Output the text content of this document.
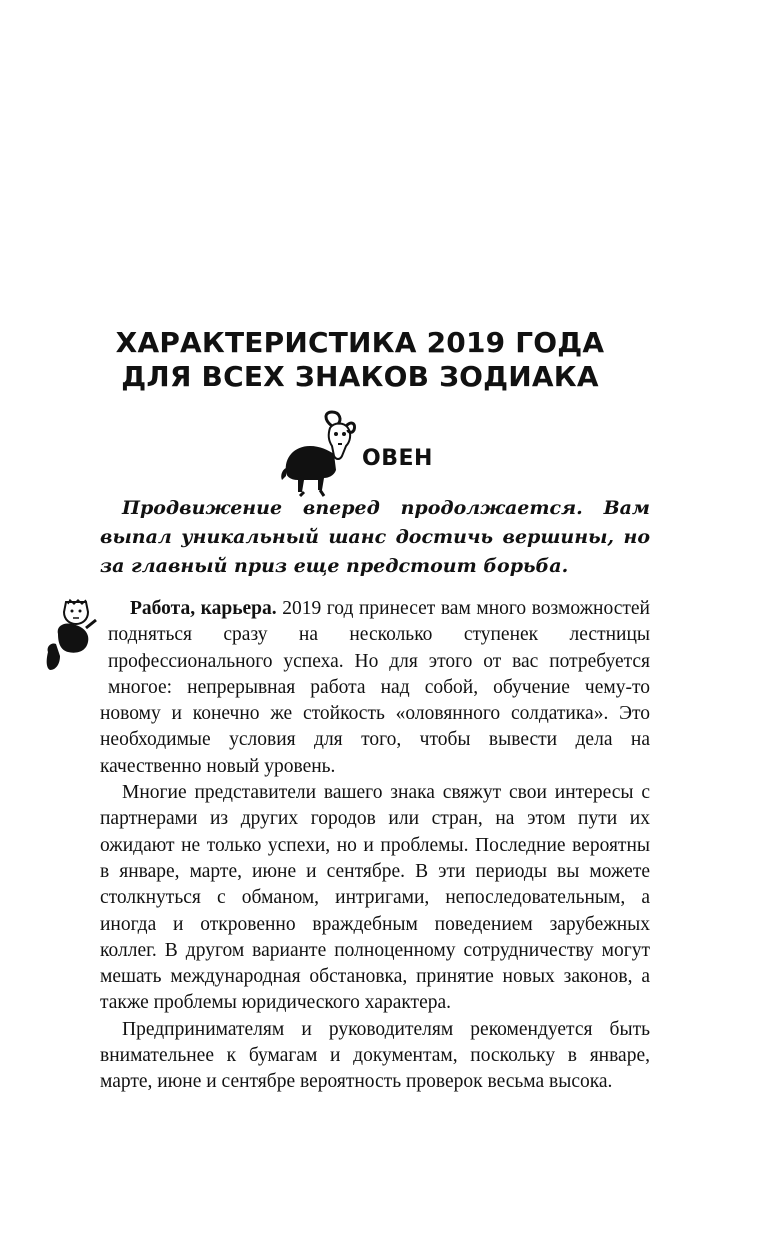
ХАРАКТЕРИСТИКА 2019 ГОДА
ДЛЯ ВСЕХ ЗНАКОВ ЗОДИАКА
ОВЕН
Продвижение вперед продолжается. Вам выпал уникальный шанс достичь вершины, но за главный приз еще предстоит борьба.

Работа, карьера. 2019 год принесет вам много возможностей подняться сразу на несколько ступенек лестницы профессионального успеха. Но для этого от вас потребуется многое: непрерывная работа над собой, обучение чему-то новому и конечно же стойкость «оловянного солдатика». Это необходимые условия для того, чтобы вывести дела на качественно новый уровень.

Многие представители вашего знака свяжут свои интересы с партнерами из других городов или стран, на этом пути их ожидают не только успехи, но и проблемы. Последние вероятны в январе, марте, июне и сентябре. В эти периоды вы можете столкнуться с обманом, интригами, непоследовательным, а иногда и откровенно враждебным поведением зарубежных коллег. В другом варианте полноценному сотрудничеству могут мешать международная обстановка, принятие новых законов, а также проблемы юридического характера.

Предпринимателям и руководителям рекомендуется быть внимательнее к бумагам и документам, поскольку в январе, марте, июне и сентябре вероятность проверок весьма высока.
